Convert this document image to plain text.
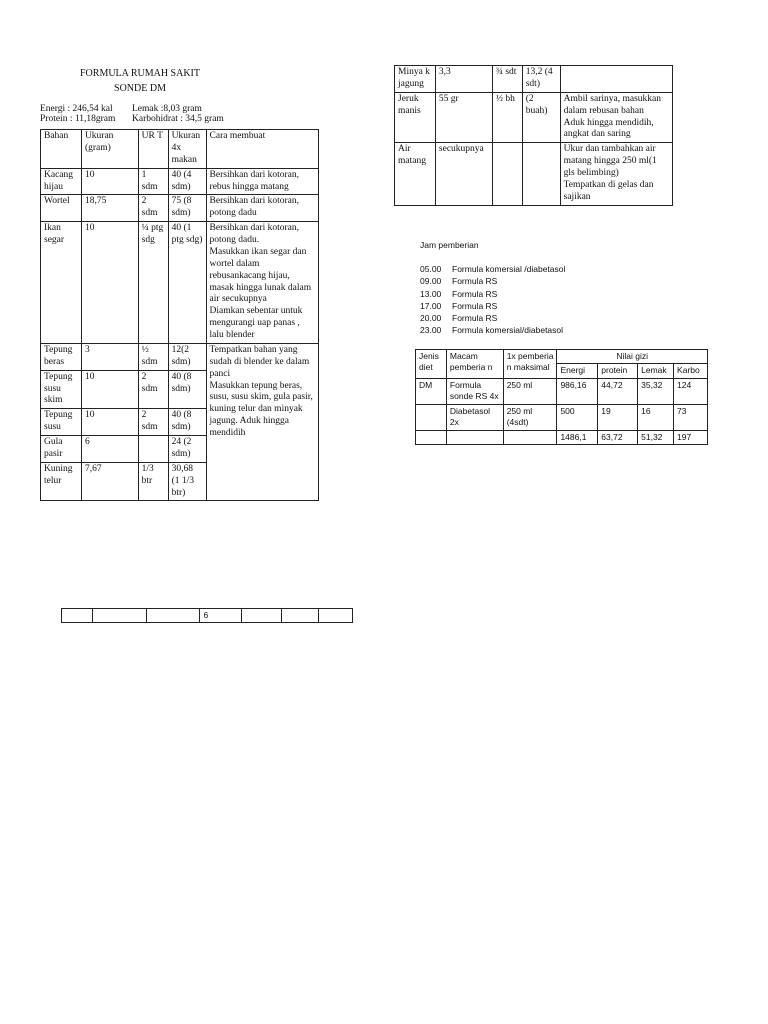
FORMULA RUMAH SAKIT
SONDE DM
Energi : 246,54 kal Lemak :8,03 gram
Protein : 11,18gram Karbohidrat : 34,5 gram
Bahan	Ukuran (gram)	UR T	Ukuran 4x makan	Cara membuat
Kacang hijau	10	1 sdm	40 (4 sdm)	Bersihkan dari kotoran, rebus hingga matang
Wortel	18,75	2 sdm	75 (8 sdm)	Bersihkan dari kotoran, potong dadu
Ikan segar	10	¼ ptg sdg	40 (1 ptg sdg)	Bersihkan dari kotoran, potong dadu.
Masukkan ikan segar dan wortel dalam rebusankacang hijau, masak hingga lunak dalam air secukupnya
Diamkan sebentar untuk mengurangi uap panas , lalu blender
Tepung beras	3	½ sdm	12(2 sdm)	Tempatkan bahan yang sudah di blender ke dalam panci
Masukkan tepung beras, susu, susu skim, gula pasir, kuning telur dan minyak jagung. Aduk hingga mendidih
Tepung susu skim	10	2 sdm	40 (8 sdm)	
Tepung susu	10	2 sdm	40 (8 sdm)	
Gula pasir	6		24 (2 sdm)	
Kuning telur	7,67	1/3 btr	30,68 (1 1/3 btr)	
Minya k jagung	3,3	¾ sdt	13,2 (4 sdt)	
Jeruk manis	55 gr	½ bh	(2 buah)	Ambil sarinya, masukkan dalam rebusan bahan
Aduk hingga mendidih, angkat dan saring
Air matang	secukupnya			Ukur dan tambahkan air matang hingga 250 ml(1 gls belimbing)
Tempatkan di gelas dan sajikan
Jam pemberian
05.00 Formula komersial /diabetasol
09.00 Formula RS
13.00 Formula RS
17.00 Formula RS
20.00 Formula RS
23.00 Formula komersial/diabetasol
Jenis diet	Macam pemberia n	1x pemberia n maksimal	Nilai gizi			
			Energi	protein	Lemak	Karbo
DM	Formula sonde RS 4x	250 ml	986,16	44,72	35,32	124
	Diabetasol 2x	250 ml (4sdt)	500	19	16	73
			1486,1	63,72	51,32	197
			6			
